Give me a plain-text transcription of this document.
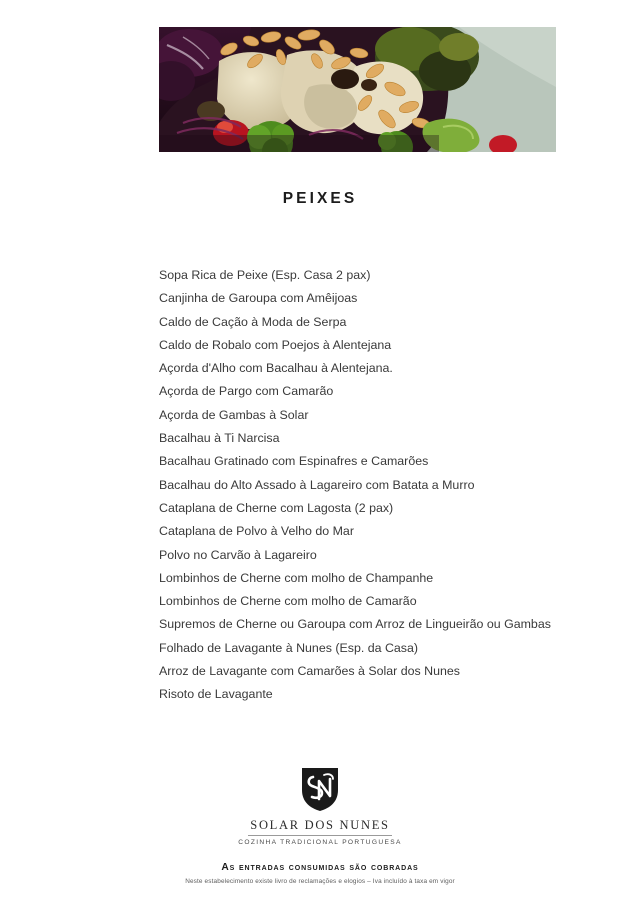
PEIXES
Sopa Rica de Peixe (Esp. Casa 2 pax)
Canjinha de Garoupa com Amêijoas
Caldo de Cação à Moda de Serpa
Caldo de Robalo com Poejos à Alentejana
Açorda d'Alho com Bacalhau à Alentejana.
Açorda de Pargo com Camarão
Açorda de Gambas à Solar
Bacalhau à Ti Narcisa
Bacalhau Gratinado com Espinafres e Camarões
Bacalhau do Alto Assado à Lagareiro com Batata a Murro
Cataplana de Cherne com Lagosta (2 pax)
Cataplana de Polvo à Velho do Mar
Polvo no Carvão à Lagareiro
Lombinhos de Cherne com molho de Champanhe
Lombinhos de Cherne com molho de Camarão
Supremos de Cherne ou Garoupa com Arroz de Lingueirão ou Gambas
Folhado de Lavagante à Nunes (Esp. da Casa)
Arroz de Lavagante com Camarões à Solar dos Nunes
Risoto de Lavagante
SOLAR DOS NUNES
COZINHA TRADICIONAL PORTUGUESA
As entradas consumidas são cobradas
Neste estabelecimento existe livro de reclamações e elogios – Iva incluído à taxa em vigor
